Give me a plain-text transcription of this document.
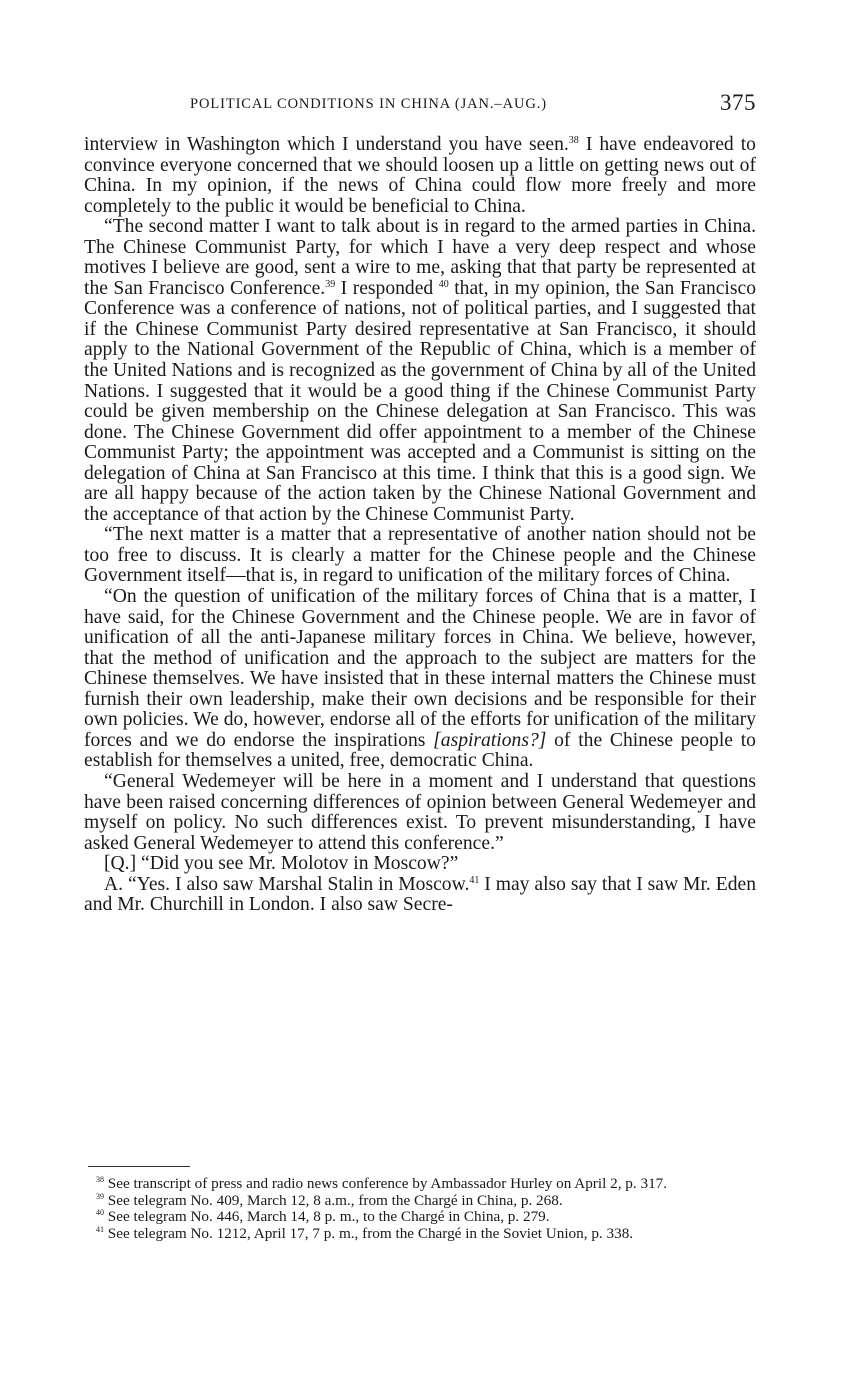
POLITICAL CONDITIONS IN CHINA (JAN.–AUG.)	375

interview in Washington which I understand you have seen.$^{38}$ I have endeavored to convince everyone concerned that we should loosen up a little on getting news out of China. In my opinion, if the news of China could flow more freely and more completely to the public it would be beneficial to China.

“The second matter I want to talk about is in regard to the armed parties in China. The Chinese Communist Party, for which I have a very deep respect and whose motives I believe are good, sent a wire to me, asking that that party be represented at the San Francisco Conference.$^{39}$ I responded $^{40}$ that, in my opinion, the San Francisco Conference was a conference of nations, not of political parties, and I suggested that if the Chinese Communist Party desired representative at San Francisco, it should apply to the National Government of the Republic of China, which is a member of the United Nations and is recognized as the government of China by all of the United Nations. I suggested that it would be a good thing if the Chinese Communist Party could be given membership on the Chinese delegation at San Francisco. This was done. The Chinese Government did offer appointment to a member of the Chinese Communist Party; the appointment was accepted and a Communist is sitting on the delegation of China at San Francisco at this time. I think that this is a good sign. We are all happy because of the action taken by the Chinese National Government and the acceptance of that action by the Chinese Communist Party.

“The next matter is a matter that a representative of another nation should not be too free to discuss. It is clearly a matter for the Chinese people and the Chinese Government itself—that is, in regard to unification of the military forces of China.

“On the question of unification of the military forces of China that is a matter, I have said, for the Chinese Government and the Chinese people. We are in favor of unification of all the anti-Japanese military forces in China. We believe, however, that the method of unification and the approach to the subject are matters for the Chinese themselves. We have insisted that in these internal matters the Chinese must furnish their own leadership, make their own decisions and be responsible for their own policies. We do, however, endorse all of the efforts for unification of the military forces and we do endorse the inspirations [aspirations?] of the Chinese people to establish for themselves a united, free, democratic China.

“General Wedemeyer will be here in a moment and I understand that questions have been raised concerning differences of opinion between General Wedemeyer and myself on policy. No such differences exist. To prevent misunderstanding, I have asked General Wedemeyer to attend this conference.”

[Q.] “Did you see Mr. Molotov in Moscow?”

A. “Yes. I also saw Marshal Stalin in Moscow.$^{41}$ I may also say that I saw Mr. Eden and Mr. Churchill in London. I also saw Secre-

$^{38}$ See transcript of press and radio news conference by Ambassador Hurley on April 2, p. 317.

$^{39}$ See telegram No. 409, March 12, 8 a.m., from the Chargé in China, p. 268.

$^{40}$ See telegram No. 446, March 14, 8 p. m., to the Chargé in China, p. 279.

$^{41}$ See telegram No. 1212, April 17, 7 p. m., from the Chargé in the Soviet Union, p. 338.
